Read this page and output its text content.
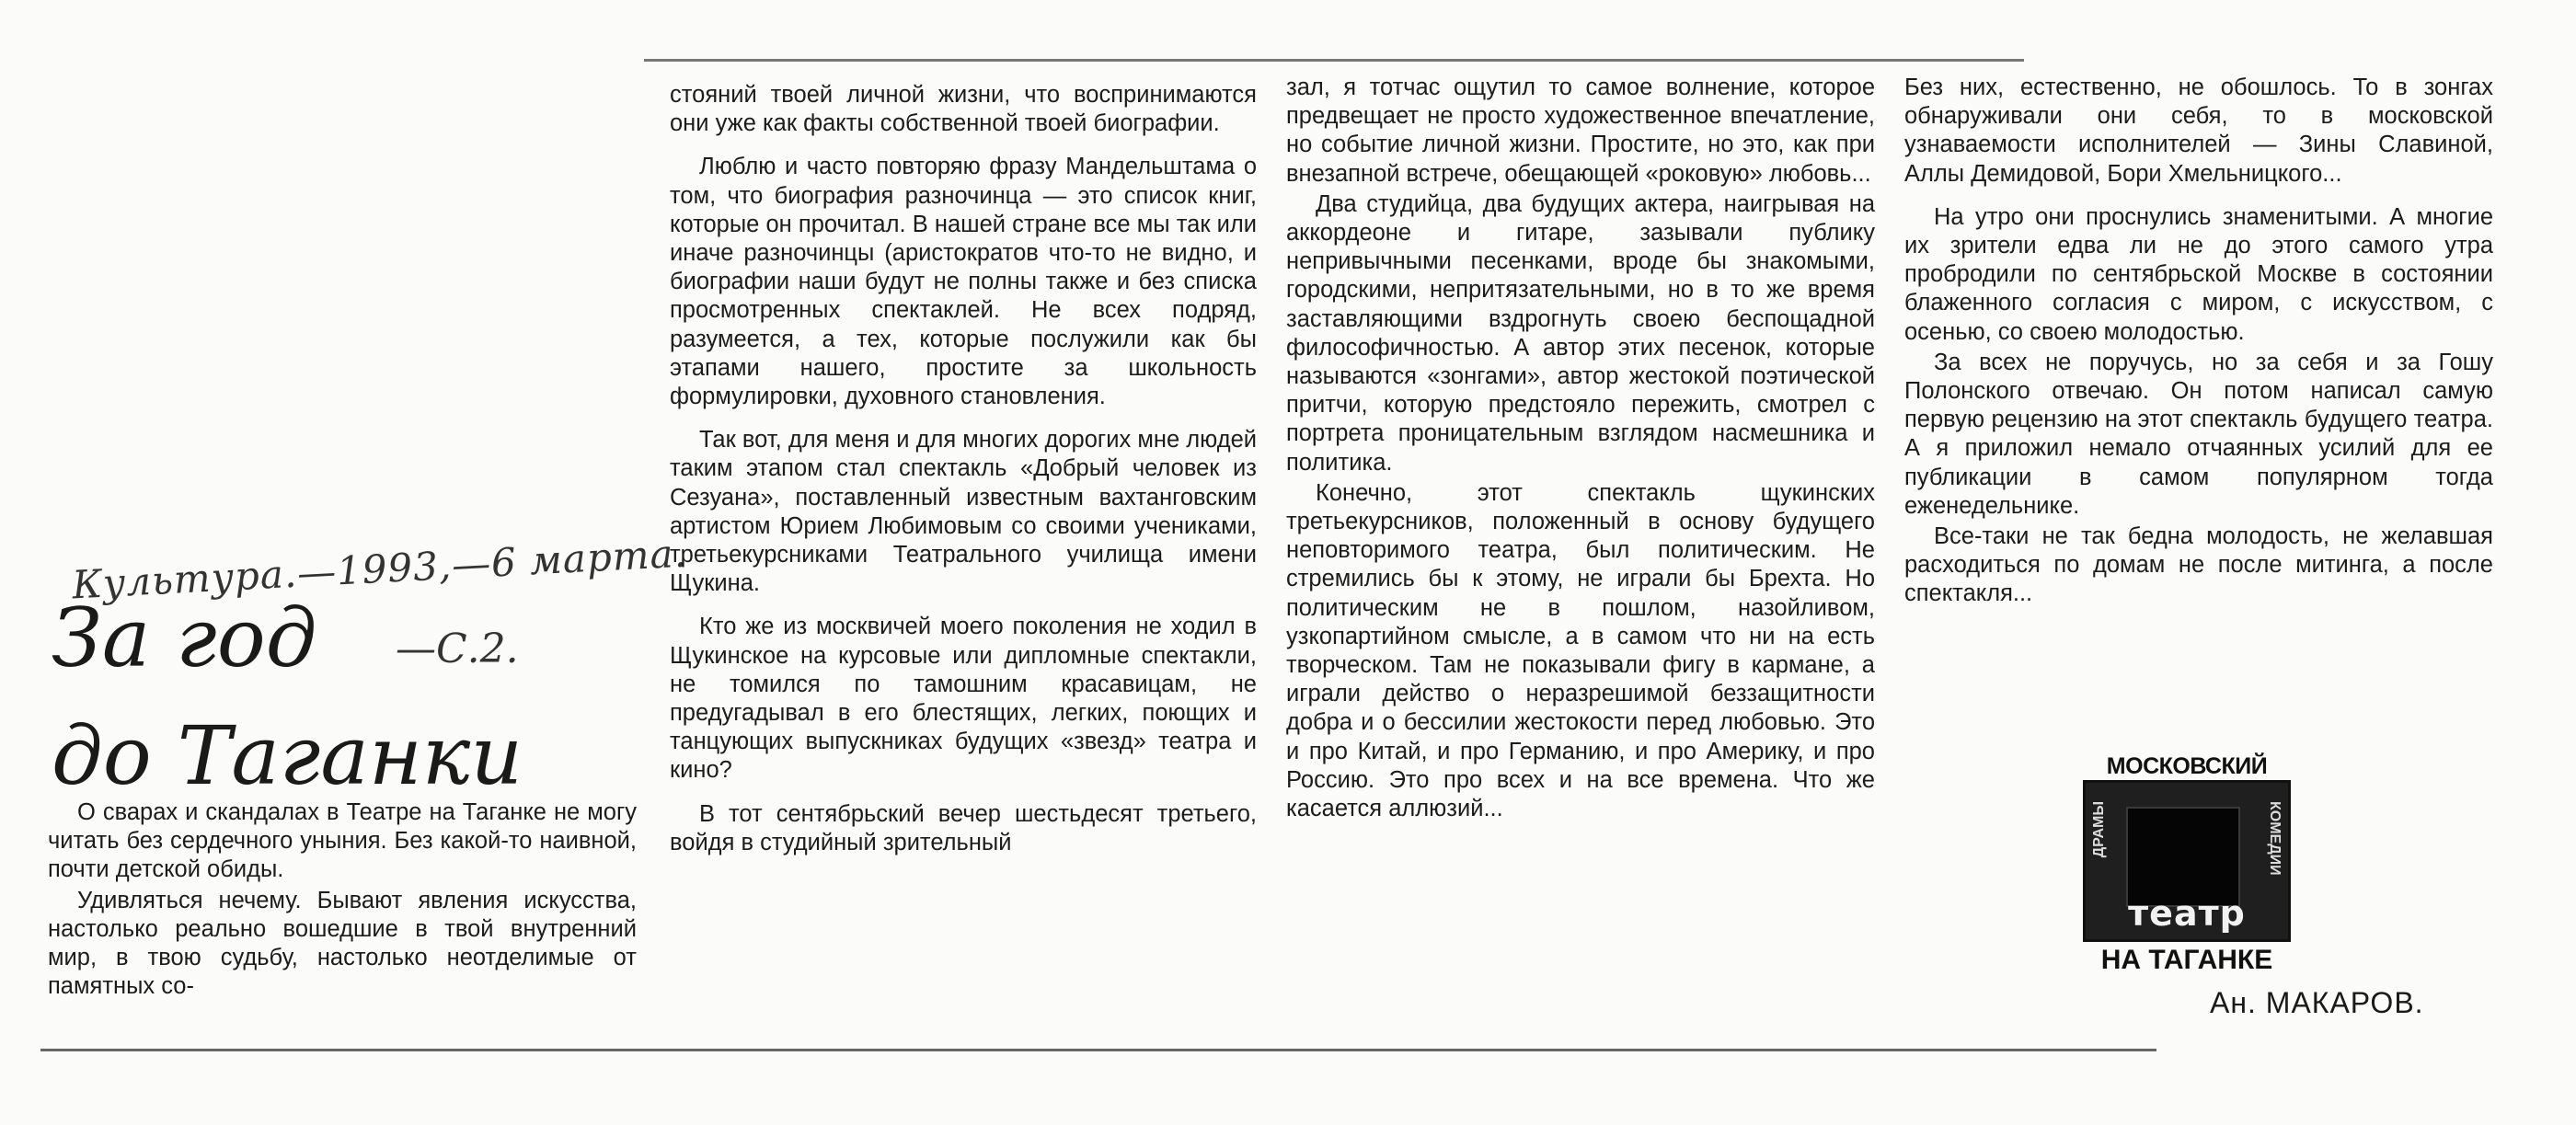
Культура.—1993,—6 марта.
—С.2.
За год
до Таганки

О сварах и скандалах в Театре на Таганке не могу читать без сердечного уныния. Без какой-то наивной, почти детской обиды.

Удивляться нечему. Бывают явления искусства, настолько реально вошедшие в твой внутренний мир, в твою судьбу, настолько неотделимые от памятных со-

стояний твоей личной жизни, что воспринимаются они уже как факты собственной твоей биографии.

Люблю и часто повторяю фразу Мандельштама о том, что биография разночинца — это список книг, которые он прочитал. В нашей стране все мы так или иначе разночинцы (аристократов что-то не видно, и биографии наши будут не полны также и без списка просмотренных спектаклей. Не всех подряд, разумеется, а тех, которые послужили как бы этапами нашего, простите за школьность формулировки, духовного становления.

Так вот, для меня и для многих дорогих мне людей таким этапом стал спектакль «Добрый человек из Сезуана», поставленный известным вахтанговским артистом Юрием Любимовым со своими учениками, третьекурсниками Театрального училища имени Щукина.

Кто же из москвичей моего поколения не ходил в Щукинское на курсовые или дипломные спектакли, не томился по тамошним красавицам, не предугадывал в его блестящих, легких, поющих и танцующих выпускниках будущих «звезд» театра и кино?

В тот сентябрьский вечер шестьдесят третьего, войдя в студийный зрительный

зал, я тотчас ощутил то самое волнение, которое предвещает не просто художественное впечатление, но событие личной жизни. Простите, но это, как при внезапной встрече, обещающей «роковую» любовь...

Два студийца, два будущих актера, наигрывая на аккордеоне и гитаре, зазывали публику непривычными песенками, вроде бы знакомыми, городскими, непритязательными, но в то же время заставляющими вздрогнуть своею беспощадной философичностью. А автор этих песенок, которые называются «зонгами», автор жестокой поэтической притчи, которую предстояло пережить, смотрел с портрета проницательным взглядом насмешника и политика.

Конечно, этот спектакль щукинских третьекурсников, положенный в основу будущего неповторимого театра, был политическим. Не стремились бы к этому, не играли бы Брехта. Но политическим не в пошлом, назойливом, узкопартийном смысле, а в самом что ни на есть творческом. Там не показывали фигу в кармане, а играли действо о неразрешимой беззащитности добра и о бессилии жестокости перед любовью. Это и про Китай, и про Германию, и про Америку, и про Россию. Это про всех и на все времена. Что же касается аллюзий...

Без них, естественно, не обошлось. То в зонгах обнаруживали они себя, то в московской узнаваемости исполнителей — Зины Славиной, Аллы Демидовой, Бори Хмельницкого...

На утро они проснулись знаменитыми. А многие их зрители едва ли не до этого самого утра пробродили по сентябрьской Москве в состоянии блаженного согласия с миром, с искусством, с осенью, со своею молодостью.

За всех не поручусь, но за себя и за Гошу Полонского отвечаю. Он потом написал самую первую рецензию на этот спектакль будущего театра. А я приложил немало отчаянных усилий для ее публикации в самом популярном тогда еженедельнике.

Все-таки не так бедна молодость, не желавшая расходиться по домам не после митинга, а после спектакля...

МОСКОВСКИЙ
ДРАМЫ	КОМЕДИИ
театр
НА ТАГАНКЕ
Ан. МАКАРОВ.
